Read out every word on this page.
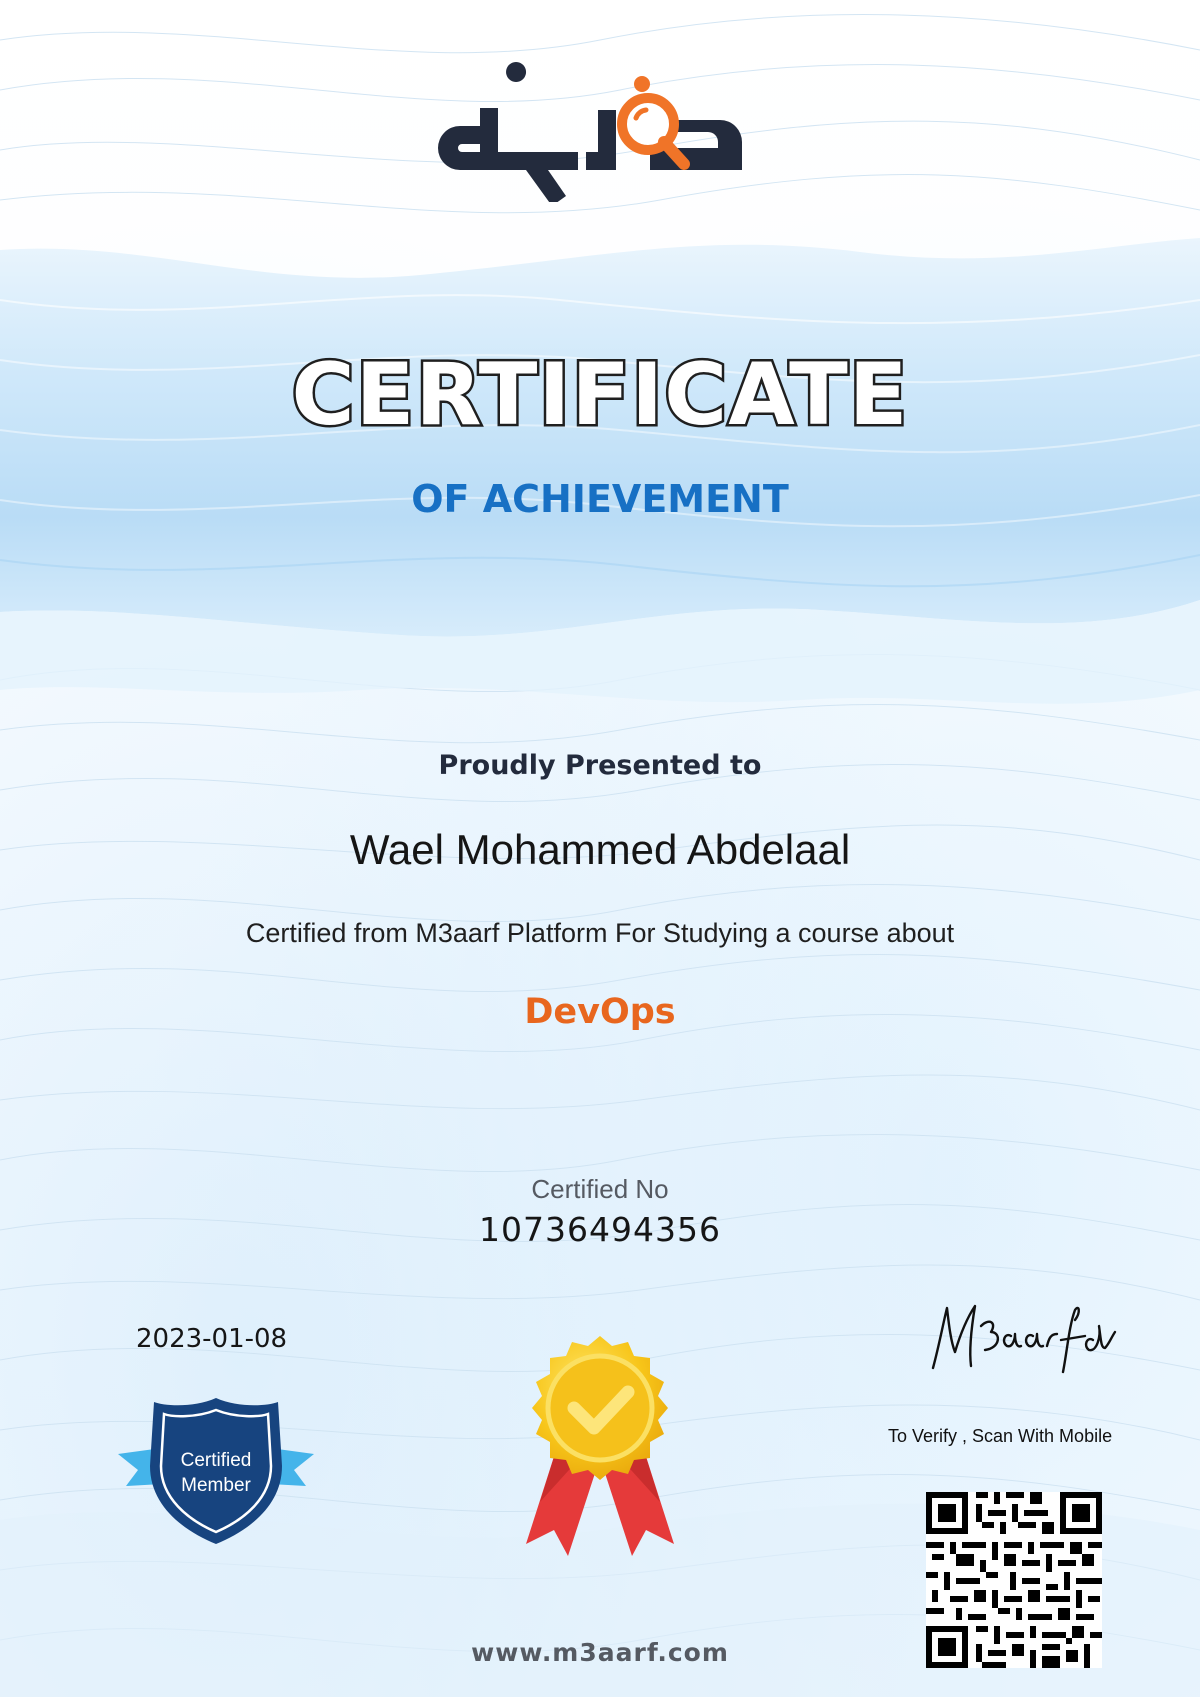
CERTIFICATE
OF ACHIEVEMENT
Proudly Presented to
Wael Mohammed Abdelaal
Certified from M3aarf Platform For Studying a course about
DevOps
Certified No
10736494356
2023-01-08
Certified
Member
To Verify , Scan With Mobile
www.m3aarf.com
